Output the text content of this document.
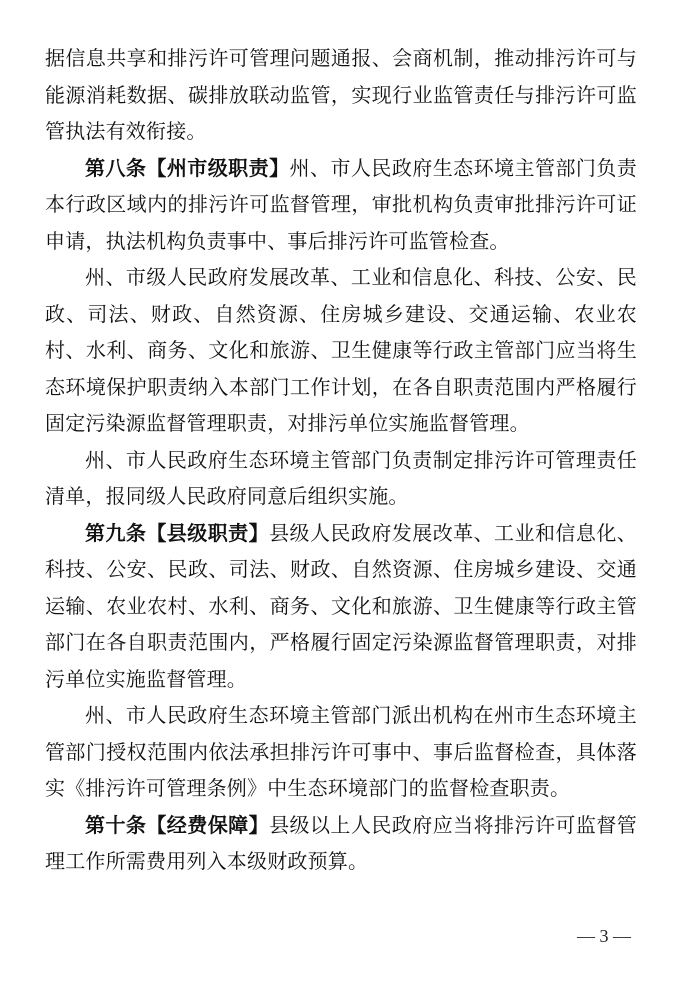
据信息共享和排污许可管理问题通报、会商机制，推动排污许可与能源消耗数据、碳排放联动监管，实现行业监管责任与排污许可监管执法有效衔接。

第八条【州市级职责】州、市人民政府生态环境主管部门负责本行政区域内的排污许可监督管理，审批机构负责审批排污许可证申请，执法机构负责事中、事后排污许可监管检查。

州、市级人民政府发展改革、工业和信息化、科技、公安、民政、司法、财政、自然资源、住房城乡建设、交通运输、农业农村、水利、商务、文化和旅游、卫生健康等行政主管部门应当将生态环境保护职责纳入本部门工作计划，在各自职责范围内严格履行固定污染源监督管理职责，对排污单位实施监督管理。

州、市人民政府生态环境主管部门负责制定排污许可管理责任清单，报同级人民政府同意后组织实施。

第九条【县级职责】县级人民政府发展改革、工业和信息化、科技、公安、民政、司法、财政、自然资源、住房城乡建设、交通运输、农业农村、水利、商务、文化和旅游、卫生健康等行政主管部门在各自职责范围内，严格履行固定污染源监督管理职责，对排污单位实施监督管理。

州、市人民政府生态环境主管部门派出机构在州市生态环境主管部门授权范围内依法承担排污许可事中、事后监督检查，具体落实《排污许可管理条例》中生态环境部门的监督检查职责。

第十条【经费保障】县级以上人民政府应当将排污许可监督管理工作所需费用列入本级财政预算。

— 3 —
